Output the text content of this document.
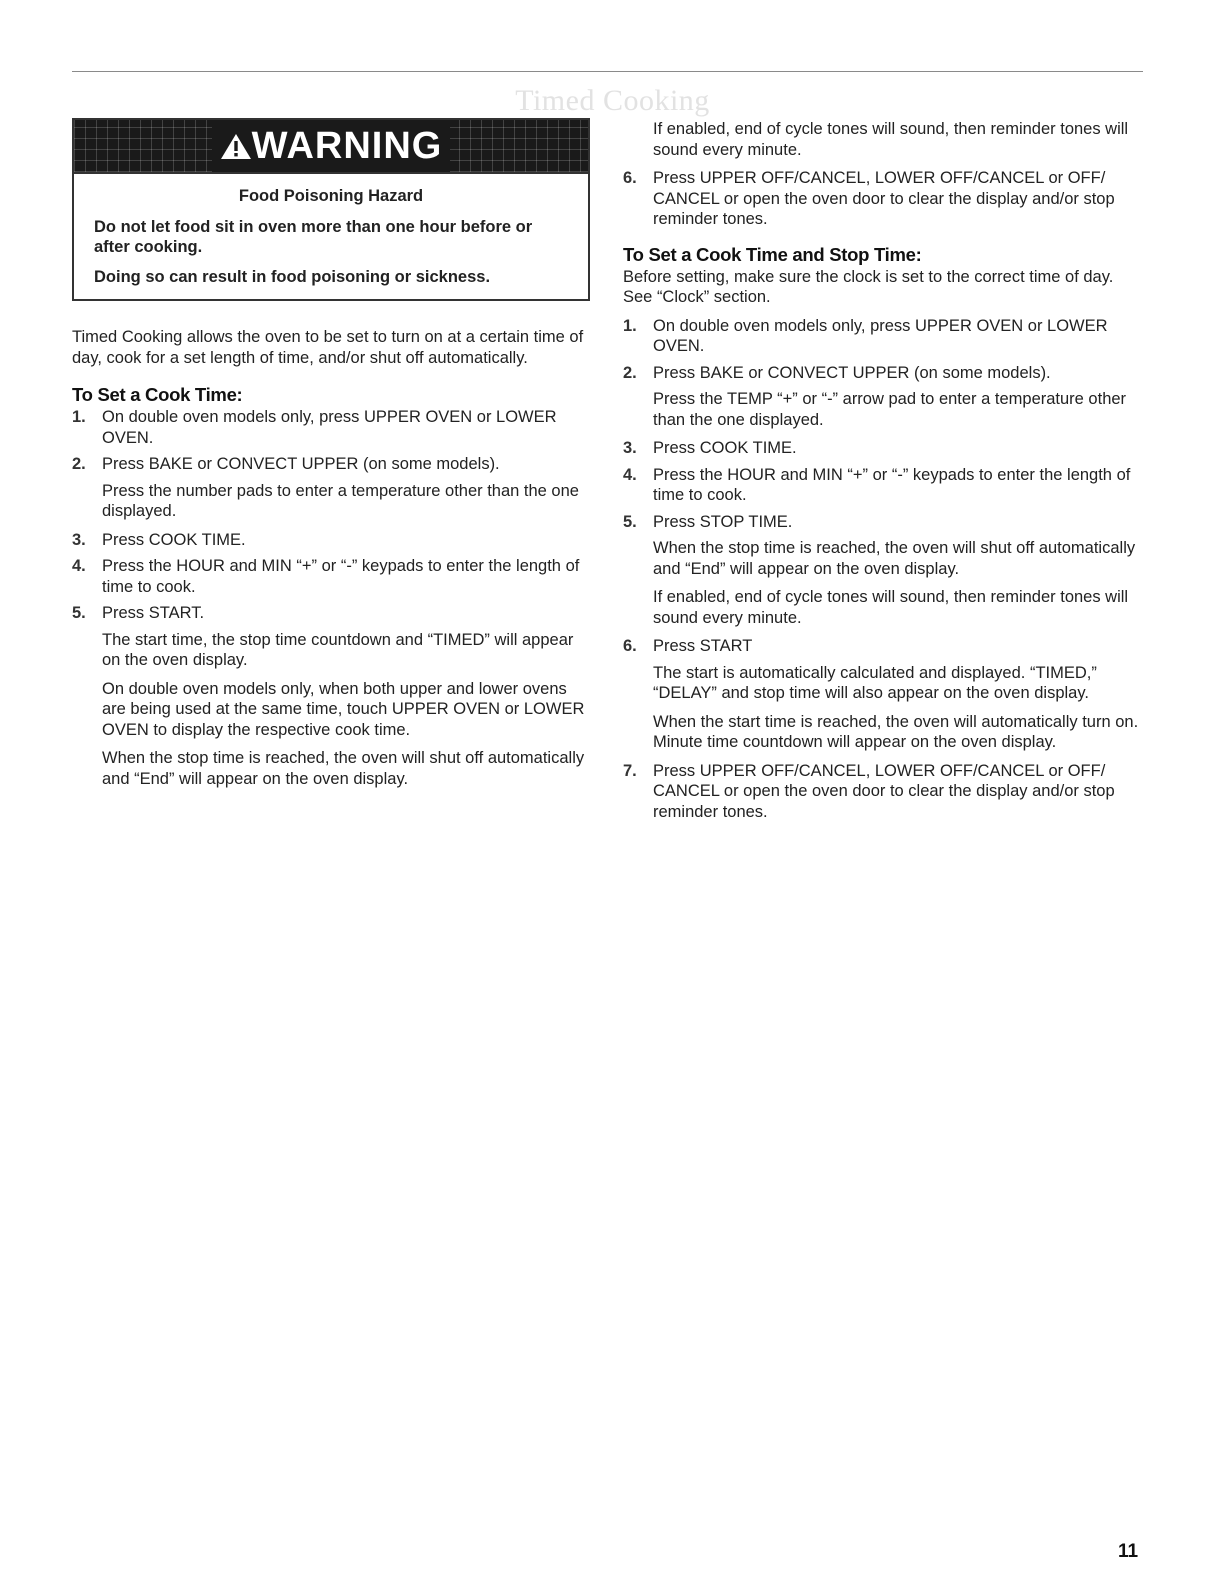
Timed Cooking
WARNING

Food Poisoning Hazard

Do not let food sit in oven more than one hour before or after cooking.

Doing so can result in food poisoning or sickness.

Timed Cooking allows the oven to be set to turn on at a certain time of day, cook for a set length of time, and/or shut off automatically.

To Set a Cook Time:
1. On double oven models only, press UPPER OVEN or LOWER OVEN.
2. Press BAKE or CONVECT UPPER (on some models).

Press the number pads to enter a temperature other than the one displayed.

3. Press COOK TIME.
4. Press the HOUR and MIN “+” or “-” keypads to enter the length of time to cook.
5. Press START.

The start time, the stop time countdown and “TIMED” will appear on the oven display.

On double oven models only, when both upper and lower ovens are being used at the same time, touch UPPER OVEN or LOWER OVEN to display the respective cook time.

When the stop time is reached, the oven will shut off automatically and “End” will appear on the oven display.

If enabled, end of cycle tones will sound, then reminder tones will sound every minute.

6. Press UPPER OFF/CANCEL, LOWER OFF/CANCEL or OFF/ CANCEL or open the oven door to clear the display and/or stop reminder tones.
To Set a Cook Time and Stop Time:

Before setting, make sure the clock is set to the correct time of day. See “Clock” section.

1. On double oven models only, press UPPER OVEN or LOWER OVEN.
2. Press BAKE or CONVECT UPPER (on some models).

Press the TEMP “+” or “-” arrow pad to enter a temperature other than the one displayed.

3. Press COOK TIME.
4. Press the HOUR and MIN “+” or “-” keypads to enter the length of time to cook.
5. Press STOP TIME.

When the stop time is reached, the oven will shut off automatically and “End” will appear on the oven display.

If enabled, end of cycle tones will sound, then reminder tones will sound every minute.

6. Press START

The start is automatically calculated and displayed. “TIMED,” “DELAY” and stop time will also appear on the oven display.

When the start time is reached, the oven will automatically turn on. Minute time countdown will appear on the oven display.

7. Press UPPER OFF/CANCEL, LOWER OFF/CANCEL or OFF/ CANCEL or open the oven door to clear the display and/or stop reminder tones.
11
